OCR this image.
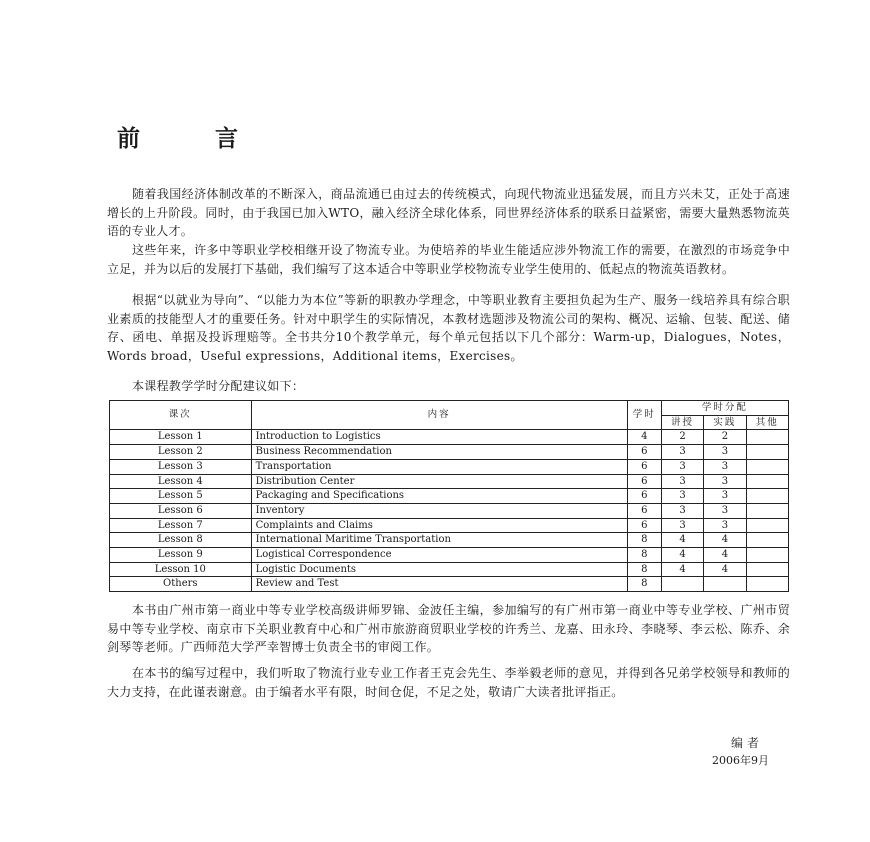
前　言

随着我国经济体制改革的不断深入，商品流通已由过去的传统模式，向现代物流业迅猛发展，而且方兴未艾，正处于高速增长的上升阶段。同时，由于我国已加入WTO，融入经济全球化体系，同世界经济体系的联系日益紧密，需要大量熟悉物流英语的专业人才。

这些年来，许多中等职业学校相继开设了物流专业。为使培养的毕业生能适应涉外物流工作的需要，在激烈的市场竞争中立足，并为以后的发展打下基础，我们编写了这本适合中等职业学校物流专业学生使用的、低起点的物流英语教材。

根据“以就业为导向”、“以能力为本位”等新的职教办学理念，中等职业教育主要担负起为生产、服务一线培养具有综合职业素质的技能型人才的重要任务。针对中职学生的实际情况，本教材选题涉及物流公司的架构、概况、运输、包装、配送、储存、函电、单据及投诉理赔等。全书共分10个教学单元，每个单元包括以下几个部分：Warm-up，Dialogues，Notes，Words broad，Useful expressions，Additional items，Exercises。

本课程教学学时分配建议如下：

课次	内容	学时	学时分配		
			讲授	实践	其他
Lesson 1	Introduction to Logistics	4	2	2	
Lesson 2	Business Recommendation	6	3	3	
Lesson 3	Transportation	6	3	3	
Lesson 4	Distribution Center	6	3	3	
Lesson 5	Packaging and Specifications	6	3	3	
Lesson 6	Inventory	6	3	3	
Lesson 7	Complaints and Claims	6	3	3	
Lesson 8	International Maritime Transportation	8	4	4	
Lesson 9	Logistical Correspondence	8	4	4	
Lesson 10	Logistic Documents	8	4	4	
Others	Review and Test	8			

本书由广州市第一商业中等专业学校高级讲师罗锦、金波任主编，参加编写的有广州市第一商业中等专业学校、广州市贸易中等专业学校、南京市下关职业教育中心和广州市旅游商贸职业学校的许秀兰、龙嘉、田永玲、李晓琴、李云松、陈乔、余剑琴等老师。广西师范大学严幸智博士负责全书的审阅工作。

在本书的编写过程中，我们听取了物流行业专业工作者王克会先生、李举毅老师的意见，并得到各兄弟学校领导和教师的大力支持，在此谨表谢意。由于编者水平有限，时间仓促，不足之处，敬请广大读者批评指正。

编者
2006年9月
